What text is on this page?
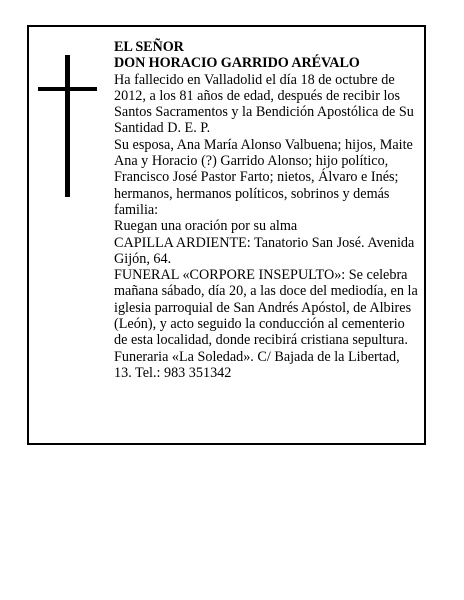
EL SEÑOR

DON HORACIO GARRIDO ARÉVALO

Ha fallecido en Valladolid el día 18 de octubre de 2012, a los 81 años de edad, después de recibir los Santos Sacramentos y la Bendición Apostólica de Su Santidad D. E. P.

Su esposa, Ana María Alonso Valbuena; hijos, Maite Ana y Horacio (?) Garrido Alonso; hijo político, Francisco José Pastor Farto; nietos, Álvaro e Inés; hermanos, hermanos políticos, sobrinos y demás familia:

Ruegan una oración por su alma

CAPILLA ARDIENTE: Tanatorio San José. Avenida Gijón, 64.

FUNERAL «CORPORE INSEPULTO»: Se celebra mañana sábado, día 20, a las doce del mediodía, en la iglesia parroquial de San Andrés Apóstol, de Albires (León), y acto seguido la conducción al cementerio de esta localidad, donde recibirá cristiana sepultura.

Funeraria «La Soledad». C/ Bajada de la Libertad, 13. Tel.: 983 351342
